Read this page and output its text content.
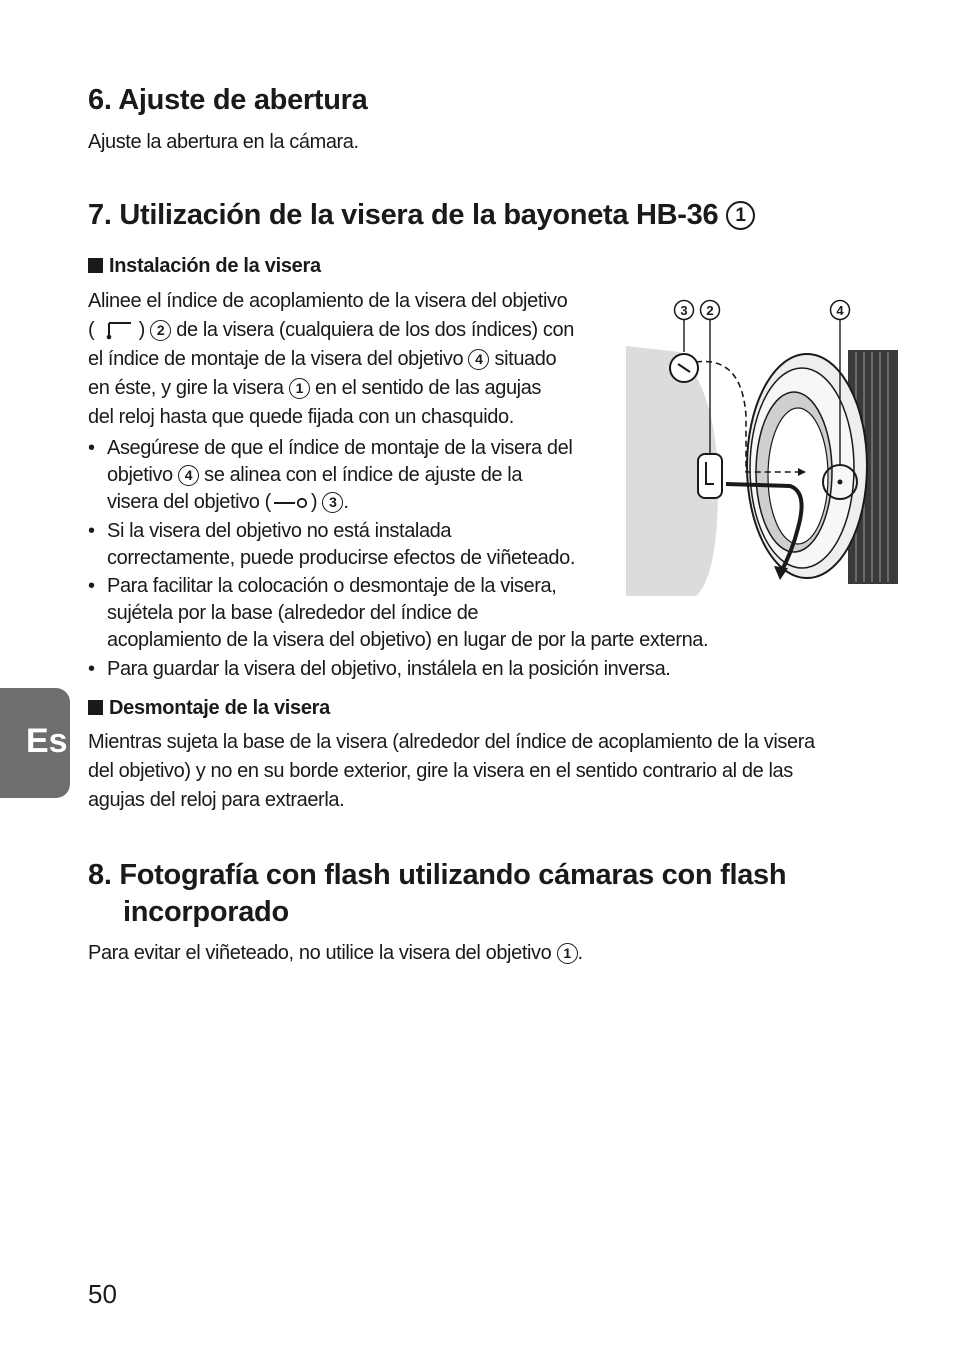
6. Ajuste de abertura

Ajuste la abertura en la cámara.

7. Utilización de la visera de la bayoneta HB-36 1

Instalación de la visera

Alinee el índice de acoplamiento de la visera del objetivo
( ) 2 de la visera (cualquiera de los dos índices) con
el índice de montaje de la visera del objetivo 4 situado
en éste, y gire la visera 1 en el sentido de las agujas
del reloj hasta que quede fijada con un chasquido.
• Asegúrese de que el índice de montaje de la visera del
objetivo 4 se alinea con el índice de ajuste de la
visera del objetivo ( ) 3 .
• Si la visera del objetivo no está instalada
correctamente, puede producirse efectos de viñeteado.
• Para facilitar la colocación o desmontaje de la visera,
sujétela por la base (alrededor del índice de
acoplamiento de la visera del objetivo) en lugar de por la parte externa.
• Para guardar la visera del objetivo, instálela en la posición inversa.

Desmontaje de la visera

Mientras sujeta la base de la visera (alrededor del índice de acoplamiento de la visera
del objetivo) y no en su borde exterior, gire la visera en el sentido contrario al de las
agujas del reloj para extraerla.
8. Fotografía con flash utilizando cámaras con flash
incorporado

Para evitar el viñeteado, no utilice la visera del objetivo 1 .

Es

50

3 2	4
